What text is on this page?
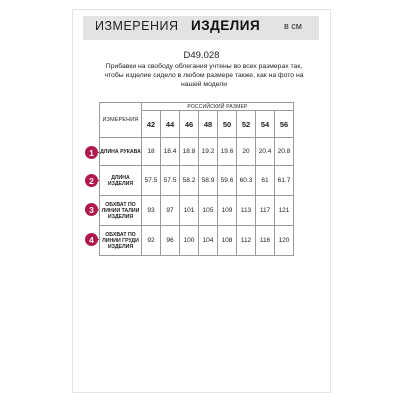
ИЗМЕРЕНИЯ ИЗДЕЛИЯ	в см
D49.028
Прибавки на свободу облегания учтены во всех размерах так, чтобы изделие сидело в любом размере также, как на фото на нашей модели
1
2
3
4
ИЗМЕРЕНИЯ	РОССИЙСКИЙ РАЗМЕР							
	42	44	46	48	50	52	54	56
ДЛИНА РУКАВА	18	18.4	18.8	19.2	19.6	20	20.4	20.8
ДЛИНА ИЗДЕЛИЯ	57.5	57.5	58.2	58.9	59.6	60.3	61	61.7
ОБХВАТ ПО ЛИНИИ ТАЛИИ ИЗДЕЛИЯ	93	97	101	105	109	113	117	121
ОБХВАТ ПО ЛИНИИ ГРУДИ ИЗДЕЛИЯ	92	96	100	104	108	112	116	120
